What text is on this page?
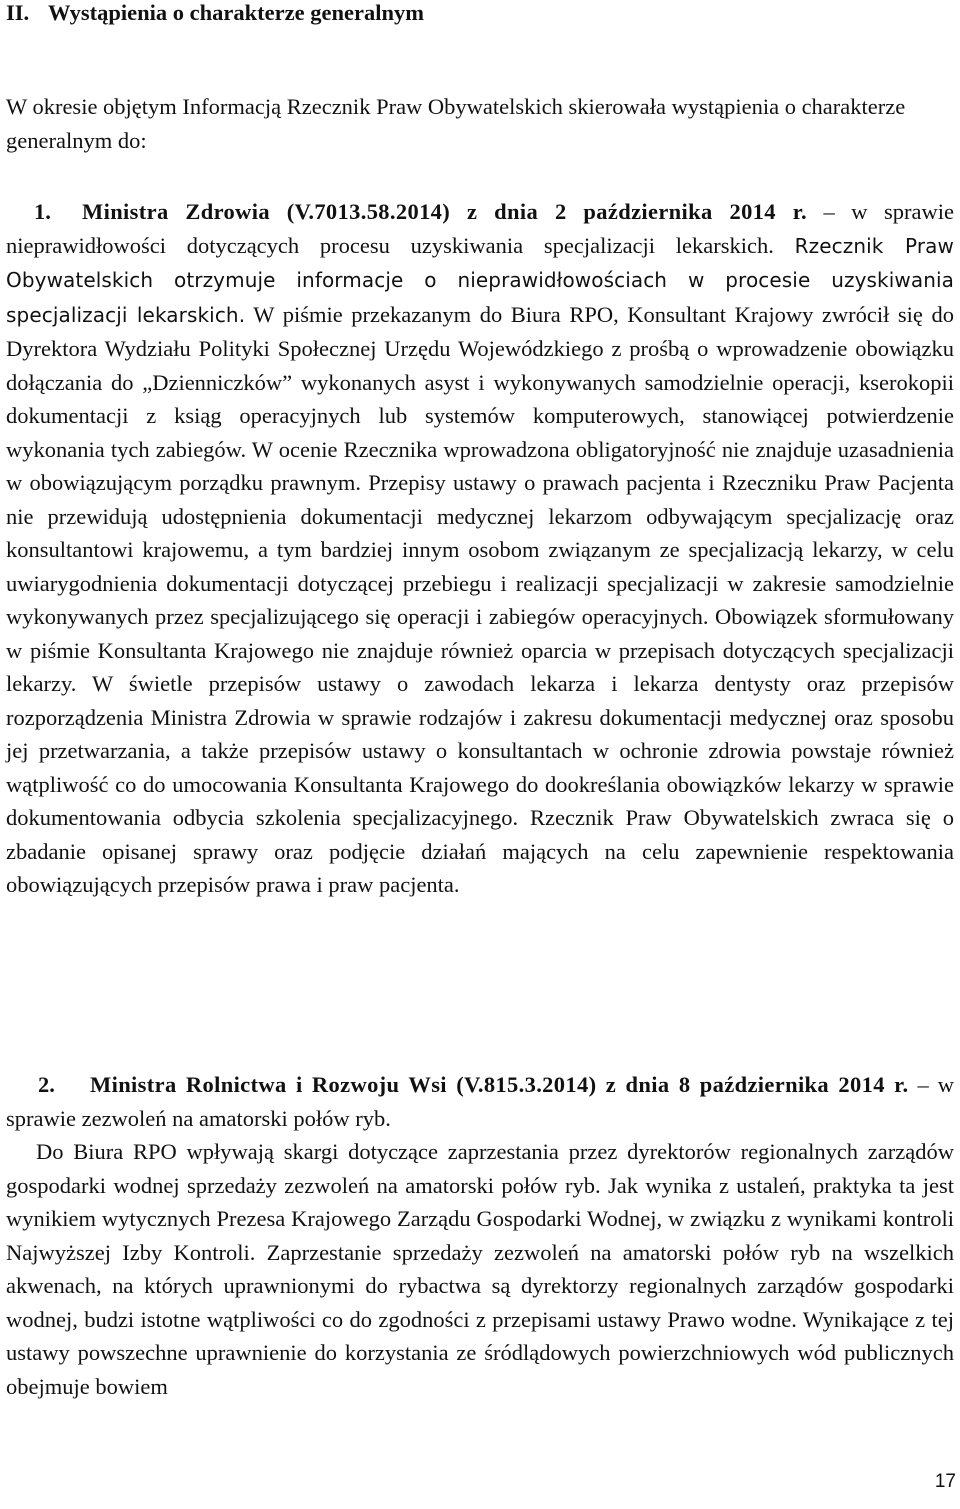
II. Wystąpienia o charakterze generalnym

W okresie objętym Informacją Rzecznik Praw Obywatelskich skierowała wystąpienia o charakterze generalnym do:

1. Ministra Zdrowia (V.7013.58.2014) z dnia 2 października 2014 r. – w sprawie nieprawidłowości dotyczących procesu uzyskiwania specjalizacji lekarskich. Rzecznik Praw Obywatelskich otrzymuje informacje o nieprawidłowościach w procesie uzyskiwania specjalizacji lekarskich. W piśmie przekazanym do Biura RPO, Konsultant Krajowy zwrócił się do Dyrektora Wydziału Polityki Społecznej Urzędu Wojewódzkiego z prośbą o wprowadzenie obowiązku dołączania do „Dzienniczków” wykonanych asyst i wykonywanych samodzielnie operacji, kserokopii dokumentacji z ksiąg operacyjnych lub systemów komputerowych, stanowiącej potwierdzenie wykonania tych zabiegów. W ocenie Rzecznika wprowadzona obligatoryjność nie znajduje uzasadnienia w obowiązującym porządku prawnym. Przepisy ustawy o prawach pacjenta i Rzeczniku Praw Pacjenta nie przewidują udostępnienia dokumentacji medycznej lekarzom odbywającym specjalizację oraz konsultantowi krajowemu, a tym bardziej innym osobom związanym ze specjalizacją lekarzy, w celu uwiarygodnienia dokumentacji dotyczącej przebiegu i realizacji specjalizacji w zakresie samodzielnie wykonywanych przez specjalizującego się operacji i zabiegów operacyjnych. Obowiązek sformułowany w piśmie Konsultanta Krajowego nie znajduje również oparcia w przepisach dotyczących specjalizacji lekarzy. W świetle przepisów ustawy o zawodach lekarza i lekarza dentysty oraz przepisów rozporządzenia Ministra Zdrowia w sprawie rodzajów i zakresu dokumentacji medycznej oraz sposobu jej przetwarzania, a także przepisów ustawy o konsultantach w ochronie zdrowia powstaje również wątpliwość co do umocowania Konsultanta Krajowego do dookreślania obowiązków lekarzy w sprawie dokumentowania odbycia szkolenia specjalizacyjnego. Rzecznik Praw Obywatelskich zwraca się o zbadanie opisanej sprawy oraz podjęcie działań mających na celu zapewnienie respektowania obowiązujących przepisów prawa i praw pacjenta.

2. Ministra Rolnictwa i Rozwoju Wsi (V.815.3.2014) z dnia 8 października 2014 r. – w sprawie zezwoleń na amatorski połów ryb.
Do Biura RPO wpływają skargi dotyczące zaprzestania przez dyrektorów regionalnych zarządów gospodarki wodnej sprzedaży zezwoleń na amatorski połów ryb. Jak wynika z ustaleń, praktyka ta jest wynikiem wytycznych Prezesa Krajowego Zarządu Gospodarki Wodnej, w związku z wynikami kontroli Najwyższej Izby Kontroli. Zaprzestanie sprzedaży zezwoleń na amatorski połów ryb na wszelkich akwenach, na których uprawnionymi do rybactwa są dyrektorzy regionalnych zarządów gospodarki wodnej, budzi istotne wątpliwości co do zgodności z przepisami ustawy Prawo wodne. Wynikające z tej ustawy powszechne uprawnienie do korzystania ze śródlądowych powierzchniowych wód publicznych obejmuje bowiem

17
